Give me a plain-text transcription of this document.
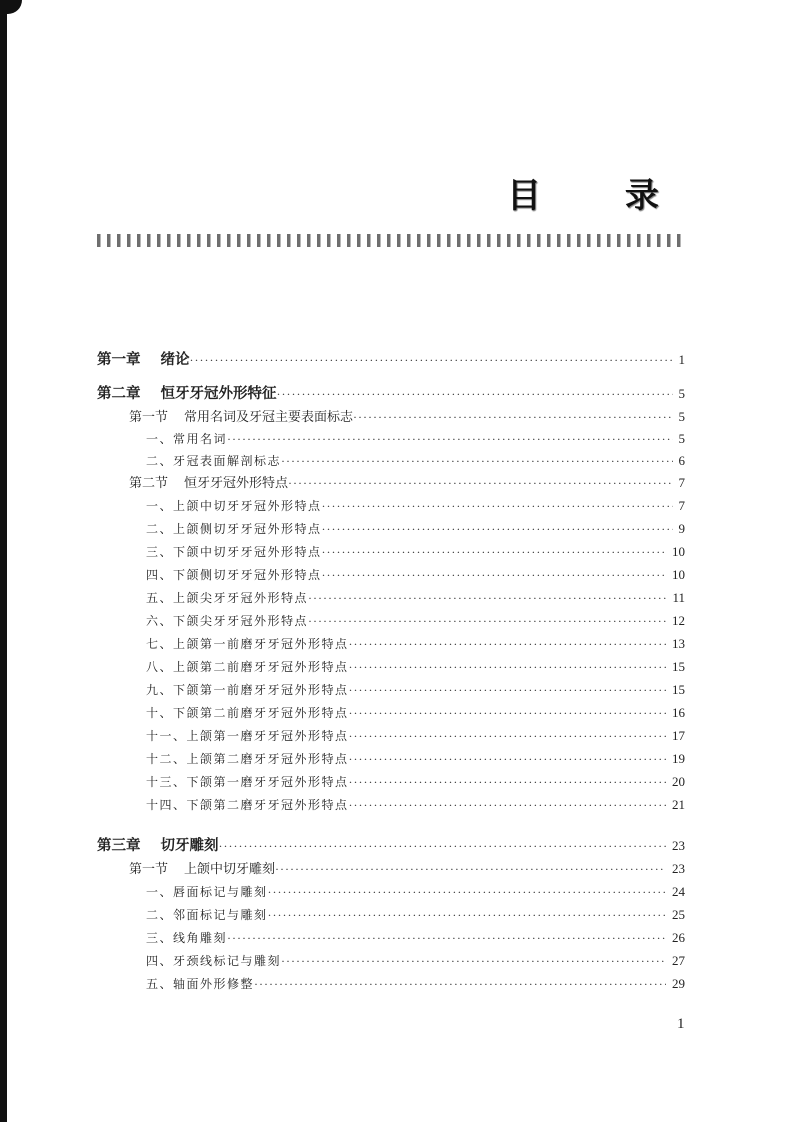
目 录
第一章 绪论 ·····	1
第二章 恒牙牙冠外形特征 ·····	5
第一节 常用名词及牙冠主要表面标志 ·····	5
一、常用名词 ·····	5
二、牙冠表面解剖标志 ·····	6
第二节 恒牙牙冠外形特点 ·····	7
一、上颌中切牙牙冠外形特点 ·····	7
二、上颌侧切牙牙冠外形特点 ·····	9
三、下颌中切牙牙冠外形特点 ·····	10
四、下颌侧切牙牙冠外形特点 ·····	10
五、上颌尖牙牙冠外形特点 ·····	11
六、下颌尖牙牙冠外形特点 ·····	12
七、上颌第一前磨牙牙冠外形特点 ·····	13
八、上颌第二前磨牙牙冠外形特点 ·····	15
九、下颌第一前磨牙牙冠外形特点 ·····	15
十、下颌第二前磨牙牙冠外形特点 ·····	16
十一、上颌第一磨牙牙冠外形特点 ·····	17
十二、上颌第二磨牙牙冠外形特点 ·····	19
十三、下颌第一磨牙牙冠外形特点 ·····	20
十四、下颌第二磨牙牙冠外形特点 ·····	21
第三章 切牙雕刻 ·····	23
第一节 上颌中切牙雕刻 ·····	23
一、唇面标记与雕刻 ·····	24
二、邻面标记与雕刻 ·····	25
三、线角雕刻 ·····	26
四、牙颈线标记与雕刻 ·····	27
五、轴面外形修整 ·····	29
1
